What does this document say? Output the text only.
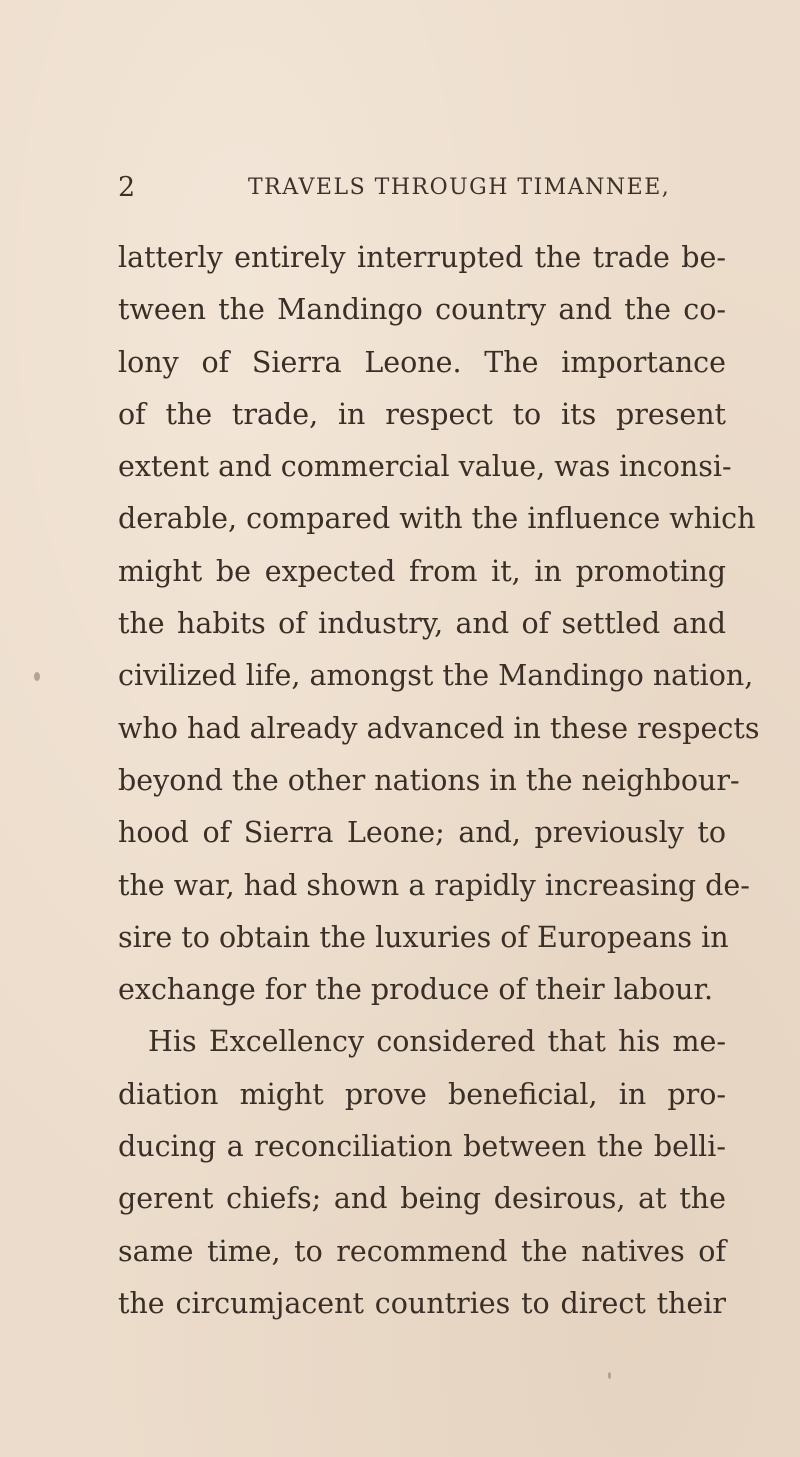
2	TRAVELS THROUGH TIMANNEE,
latterly entirely interrupted the trade be-
tween the Mandingo country and the co-
lony of Sierra Leone. The importance
of the trade, in respect to its present
extent and commercial value, was inconsi-
derable, compared with the influence which
might be expected from it, in promoting
the habits of industry, and of settled and
civilized life, amongst the Mandingo nation,
who had already advanced in these respects
beyond the other nations in the neighbour-
hood of Sierra Leone; and, previously to
the war, had shown a rapidly increasing de-
sire to obtain the luxuries of Europeans in
exchange for the produce of their labour.
His Excellency considered that his me-
diation might prove beneficial, in pro-
ducing a reconciliation between the belli-
gerent chiefs; and being desirous, at the
same time, to recommend the natives of
the circumjacent countries to direct their
